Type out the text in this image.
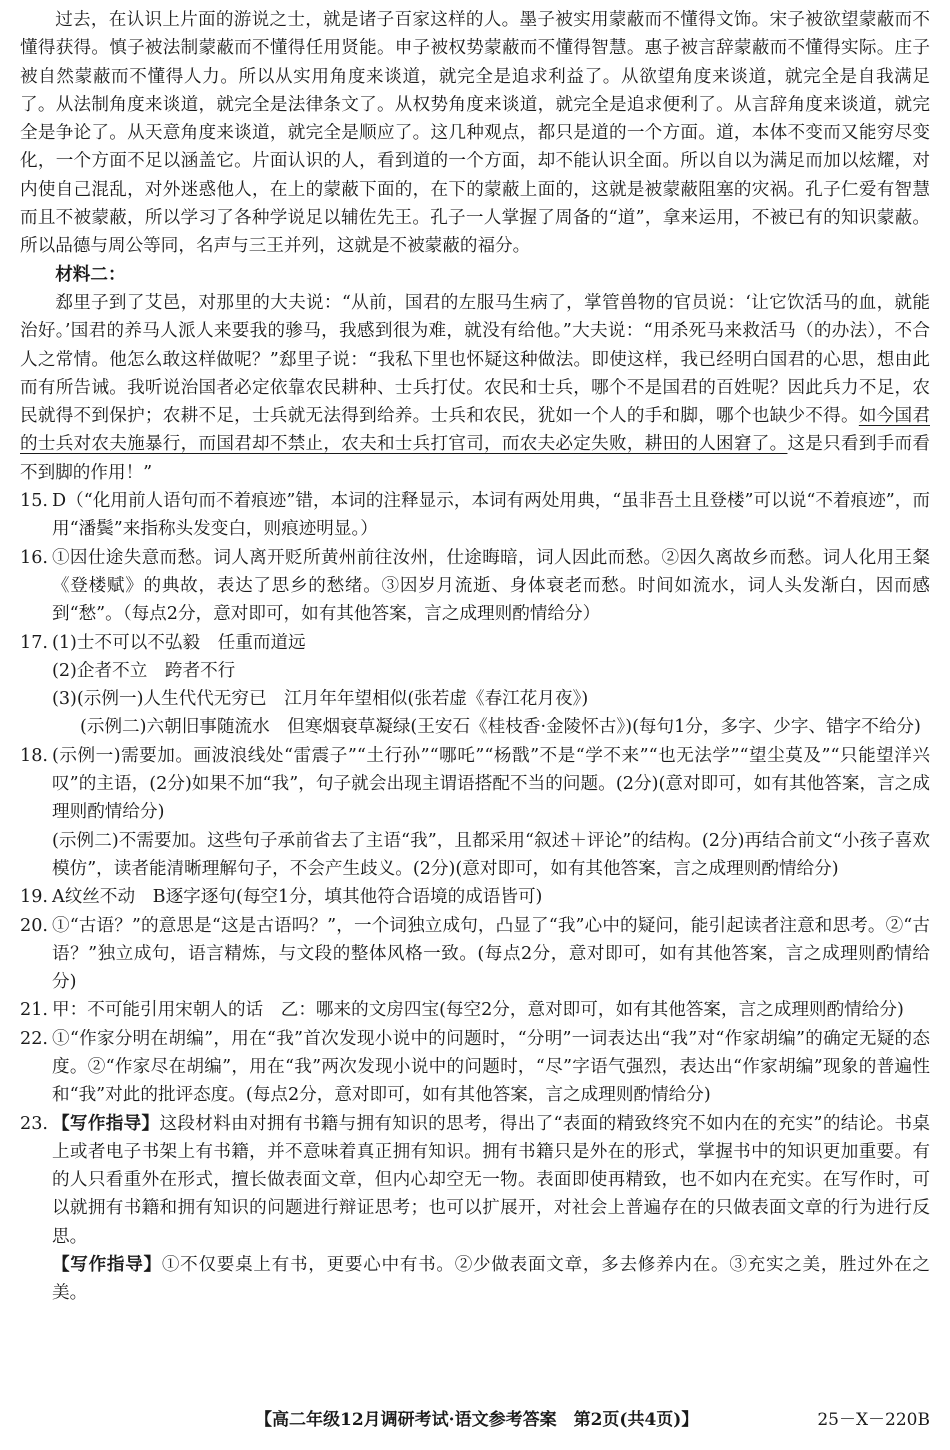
过去，在认识上片面的游说之士，就是诸子百家这样的人。墨子被实用蒙蔽而不懂得文饰。宋子被欲望蒙蔽而不懂得获得。慎子被法制蒙蔽而不懂得任用贤能。申子被权势蒙蔽而不懂得智慧。惠子被言辞蒙蔽而不懂得实际。庄子被自然蒙蔽而不懂得人力。所以从实用角度来谈道，就完全是追求利益了。从欲望角度来谈道，就完全是自我满足了。从法制角度来谈道，就完全是法律条文了。从权势角度来谈道，就完全是追求便利了。从言辞角度来谈道，就完全是争论了。从天意角度来谈道，就完全是顺应了。这几种观点，都只是道的一个方面。道，本体不变而又能穷尽变化，一个方面不足以涵盖它。片面认识的人，看到道的一个方面，却不能认识全面。所以自以为满足而加以炫耀，对内使自己混乱，对外迷惑他人，在上的蒙蔽下面的，在下的蒙蔽上面的，这就是被蒙蔽阻塞的灾祸。孔子仁爱有智慧而且不被蒙蔽，所以学习了各种学说足以辅佐先王。孔子一人掌握了周备的“道”，拿来运用，不被已有的知识蒙蔽。所以品德与周公等同，名声与三王并列，这就是不被蒙蔽的福分。

材料二：

郄里子到了艾邑，对那里的大夫说：“从前，国君的左服马生病了，掌管兽物的官员说：‘让它饮活马的血，就能治好。’国君的养马人派人来要我的骖马，我感到很为难，就没有给他。”大夫说：“用杀死马来救活马（的办法），不合人之常情。他怎么敢这样做呢？”郄里子说：“我私下里也怀疑这种做法。即使这样，我已经明白国君的心思，想由此而有所告诫。我听说治国者必定依靠农民耕种、士兵打仗。农民和士兵，哪个不是国君的百姓呢？因此兵力不足，农民就得不到保护；农耕不足，士兵就无法得到给养。士兵和农民，犹如一个人的手和脚，哪个也缺少不得。如今国君的士兵对农夫施暴行，而国君却不禁止，农夫和士兵打官司，而农夫必定失败，耕田的人困窘了。这是只看到手而看不到脚的作用！”

15. D（“化用前人语句而不着痕迹”错，本词的注释显示，本词有两处用典，“虽非吾土且登楼”可以说“不着痕迹”，而用“潘鬓”来指称头发变白，则痕迹明显。）
16. ①因仕途失意而愁。词人离开贬所黄州前往汝州，仕途晦暗，词人因此而愁。②因久离故乡而愁。词人化用王粲《登楼赋》的典故，表达了思乡的愁绪。③因岁月流逝、身体衰老而愁。时间如流水，词人头发渐白，因而感到“愁”。（每点2分，意对即可，如有其他答案，言之成理则酌情给分）
17. (1)士不可以不弘毅　任重而道远

(2)企者不立　跨者不行

(3)(示例一)人生代代无穷已　江月年年望相似(张若虚《春江花月夜》)

(示例二)六朝旧事随流水　但寒烟衰草凝绿(王安石《桂枝香·金陵怀古》)(每句1分，多字、少字、错字不给分)

18. (示例一)需要加。画波浪线处“雷震子”“土行孙”“哪吒”“杨戬”不是“学不来”“也无法学”“望尘莫及”“只能望洋兴叹”的主语，(2分)如果不加“我”，句子就会出现主谓语搭配不当的问题。(2分)(意对即可，如有其他答案，言之成理则酌情给分)

(示例二)不需要加。这些句子承前省去了主语“我”，且都采用“叙述＋评论”的结构。(2分)再结合前文“小孩子喜欢模仿”，读者能清晰理解句子，不会产生歧义。(2分)(意对即可，如有其他答案，言之成理则酌情给分)

19. A纹丝不动　B逐字逐句(每空1分，填其他符合语境的成语皆可)
20. ①“古语？”的意思是“这是古语吗？”，一个词独立成句，凸显了“我”心中的疑问，能引起读者注意和思考。②“古语？”独立成句，语言精炼，与文段的整体风格一致。(每点2分，意对即可，如有其他答案，言之成理则酌情给分)
21. 甲：不可能引用宋朝人的话　乙：哪来的文房四宝(每空2分，意对即可，如有其他答案，言之成理则酌情给分)
22. ①“作家分明在胡编”，用在“我”首次发现小说中的问题时，“分明”一词表达出“我”对“作家胡编”的确定无疑的态度。②“作家尽在胡编”，用在“我”两次发现小说中的问题时，“尽”字语气强烈，表达出“作家胡编”现象的普遍性和“我”对此的批评态度。(每点2分，意对即可，如有其他答案，言之成理则酌情给分)
23. 【写作指导】这段材料由对拥有书籍与拥有知识的思考，得出了“表面的精致终究不如内在的充实”的结论。书桌上或者电子书架上有书籍，并不意味着真正拥有知识。拥有书籍只是外在的形式，掌握书中的知识更加重要。有的人只看重外在形式，擅长做表面文章，但内心却空无一物。表面即使再精致，也不如内在充实。在写作时，可以就拥有书籍和拥有知识的问题进行辩证思考；也可以扩展开，对社会上普遍存在的只做表面文章的行为进行反思。

【写作指导】①不仅要桌上有书，更要心中有书。②少做表面文章，多去修养内在。③充实之美，胜过外在之美。

【高二年级12月调研考试·语文参考答案　第2页(共4页)】	25－X－220B
